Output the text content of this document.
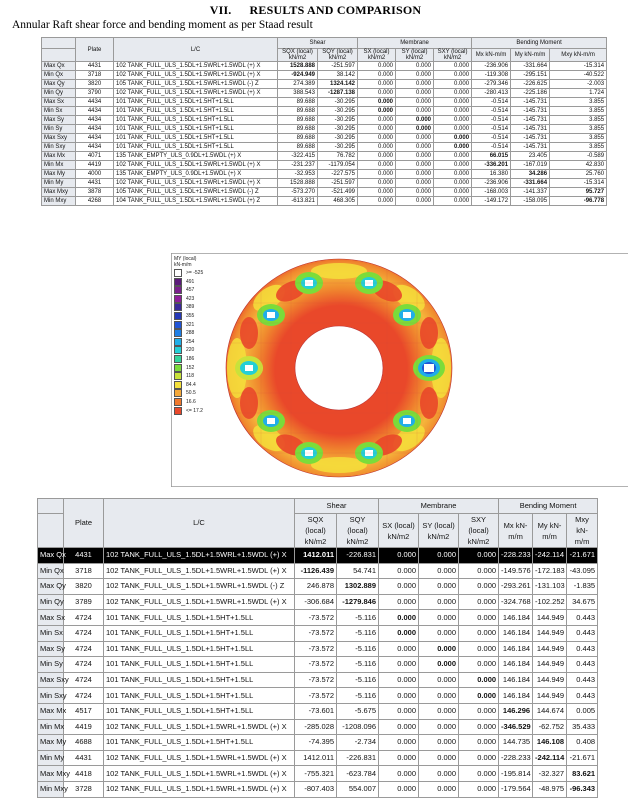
VII. RESULTS AND COMPARISON
Annular Raft shear force and bending moment as per Staad result
	Plate	L/C	Shear		Membrane			Bending Moment		
			SQX (local) kN/m2	SQY (local) kN/m2	SX (local) kN/m2	SY (local) kN/m2	SXY (local) kN/m2	Mx kN-m/m	My kN-m/m	Mxy kN-m/m
Max Qx	4431	102 TANK_FULL_ULS_1.5DL+1.5WRL+1.5WDL (+) X	1528.888	-251.597	0.000	0.000	0.000	-236.906	-331.664	-15.314
Min Qx	3718	102 TANK_FULL_ULS_1.5DL+1.5WRL+1.5WDL (+) X	-924.949	38.142	0.000	0.000	0.000	-119.308	-295.151	-40.522
Max Qy	3820	105 TANK_FULL_ULS_1.5DL+1.5WRL+1.5WDL (-) Z	274.389	1324.142	0.000	0.000	0.000	-279.346	-226.625	-2.003
Min Qy	3790	102 TANK_FULL_ULS_1.5DL+1.5WRL+1.5WDL (+) X	388.543	-1287.138	0.000	0.000	0.000	-280.413	-225.186	1.724
Max Sx	4434	101 TANK_FULL_ULS_1.5DL+1.5HT+1.5LL	89.688	-30.295	0.000	0.000	0.000	-0.514	-145.731	3.855
Min Sx	4434	101 TANK_FULL_ULS_1.5DL+1.5HT+1.5LL	89.688	-30.295	0.000	0.000	0.000	-0.514	-145.731	3.855
Max Sy	4434	101 TANK_FULL_ULS_1.5DL+1.5HT+1.5LL	89.688	-30.295	0.000	0.000	0.000	-0.514	-145.731	3.855
Min Sy	4434	101 TANK_FULL_ULS_1.5DL+1.5HT+1.5LL	89.688	-30.295	0.000	0.000	0.000	-0.514	-145.731	3.855
Max Sxy	4434	101 TANK_FULL_ULS_1.5DL+1.5HT+1.5LL	89.688	-30.295	0.000	0.000	0.000	-0.514	-145.731	3.855
Min Sxy	4434	101 TANK_FULL_ULS_1.5DL+1.5HT+1.5LL	89.688	-30.295	0.000	0.000	0.000	-0.514	-145.731	3.855
Max Mx	4071	135 TANK_EMPTY_ULS_0.9DL+1.5WDL (+) X	-322.415	76.782	0.000	0.000	0.000	66.015	23.405	-0.589
Min Mx	4419	102 TANK_FULL_ULS_1.5DL+1.5WRL+1.5WDL (+) X	-231.237	-1179.054	0.000	0.000	0.000	-336.201	-167.019	42.830
Max My	4000	135 TANK_EMPTY_ULS_0.9DL+1.5WDL (+) X	-32.953	-227.575	0.000	0.000	0.000	16.380	34.286	25.760
Min My	4431	102 TANK_FULL_ULS_1.5DL+1.5WRL+1.5WDL (+) X	1528.888	-251.597	0.000	0.000	0.000	-236.906	-331.664	-15.314
Max Mxy	3878	105 TANK_FULL_ULS_1.5DL+1.5WRL+1.5WDL (-) Z	-573.270	-521.499	0.000	0.000	0.000	-168.003	-141.337	95.727
Min Mxy	4268	104 TANK_FULL_ULS_1.5DL+1.5WRL+1.5WDL (+) Z	-613.821	468.305	0.000	0.000	0.000	-149.172	-158.095	-96.778
MY (local)
kN-m/m
>= -525
491
457
423
389
355
321
288
254
220
186
152
118
84.4
50.5
16.6
<= 17.2
	Plate	L/C	Shear		Membrane			Bending Moment		
			SQX (local) kN/m2	SQY (local) kN/m2	SX (local) kN/m2	SY (local) kN/m2	SXY (local) kN/m2	Mx kN-m/m	My kN-m/m	Mxy kN-m/m
Max Qx	4431	102 TANK_FULL_ULS_1.5DL+1.5WRL+1.5WDL (+) X	1412.011	-226.831	0.000	0.000	0.000	-228.233	-242.114	-21.671
Min Qx	3718	102 TANK_FULL_ULS_1.5DL+1.5WRL+1.5WDL (+) X	-1126.439	54.741	0.000	0.000	0.000	-149.576	-172.183	-43.095
Max Qy	3820	102 TANK_FULL_ULS_1.5DL+1.5WRL+1.5WDL (-) Z	246.878	1302.889	0.000	0.000	0.000	-293.261	-131.103	-1.835
Min Qy	3789	102 TANK_FULL_ULS_1.5DL+1.5WRL+1.5WDL (+) X	-306.684	-1279.846	0.000	0.000	0.000	-324.768	-102.252	34.675
Max Sx	4724	101 TANK_FULL_ULS_1.5DL+1.5HT+1.5LL	-73.572	-5.116	0.000	0.000	0.000	146.184	144.949	0.443
Min Sx	4724	101 TANK_FULL_ULS_1.5DL+1.5HT+1.5LL	-73.572	-5.116	0.000	0.000	0.000	146.184	144.949	0.443
Max Sy	4724	101 TANK_FULL_ULS_1.5DL+1.5HT+1.5LL	-73.572	-5.116	0.000	0.000	0.000	146.184	144.949	0.443
Min Sy	4724	101 TANK_FULL_ULS_1.5DL+1.5HT+1.5LL	-73.572	-5.116	0.000	0.000	0.000	146.184	144.949	0.443
Max Sxy	4724	101 TANK_FULL_ULS_1.5DL+1.5HT+1.5LL	-73.572	-5.116	0.000	0.000	0.000	146.184	144.949	0.443
Min Sxy	4724	101 TANK_FULL_ULS_1.5DL+1.5HT+1.5LL	-73.572	-5.116	0.000	0.000	0.000	146.184	144.949	0.443
Max Mx	4517	101 TANK_FULL_ULS_1.5DL+1.5HT+1.5LL	-73.601	-5.675	0.000	0.000	0.000	146.296	144.674	0.005
Min Mx	4419	102 TANK_FULL_ULS_1.5DL+1.5WRL+1.5WDL (+) X	-285.028	-1208.096	0.000	0.000	0.000	-346.529	-62.752	35.433
Max My	4688	101 TANK_FULL_ULS_1.5DL+1.5HT+1.5LL	-74.395	-2.734	0.000	0.000	0.000	144.735	146.108	0.408
Min My	4431	102 TANK_FULL_ULS_1.5DL+1.5WRL+1.5WDL (+) X	1412.011	-226.831	0.000	0.000	0.000	-228.233	-242.114	-21.671
Max Mxy	4418	102 TANK_FULL_ULS_1.5DL+1.5WRL+1.5WDL (+) X	-755.321	-623.784	0.000	0.000	0.000	-195.814	-32.327	83.621
Min Mxy	3728	102 TANK_FULL_ULS_1.5DL+1.5WRL+1.5WDL (+) X	-807.403	554.007	0.000	0.000	0.000	-179.564	-48.975	-96.343
